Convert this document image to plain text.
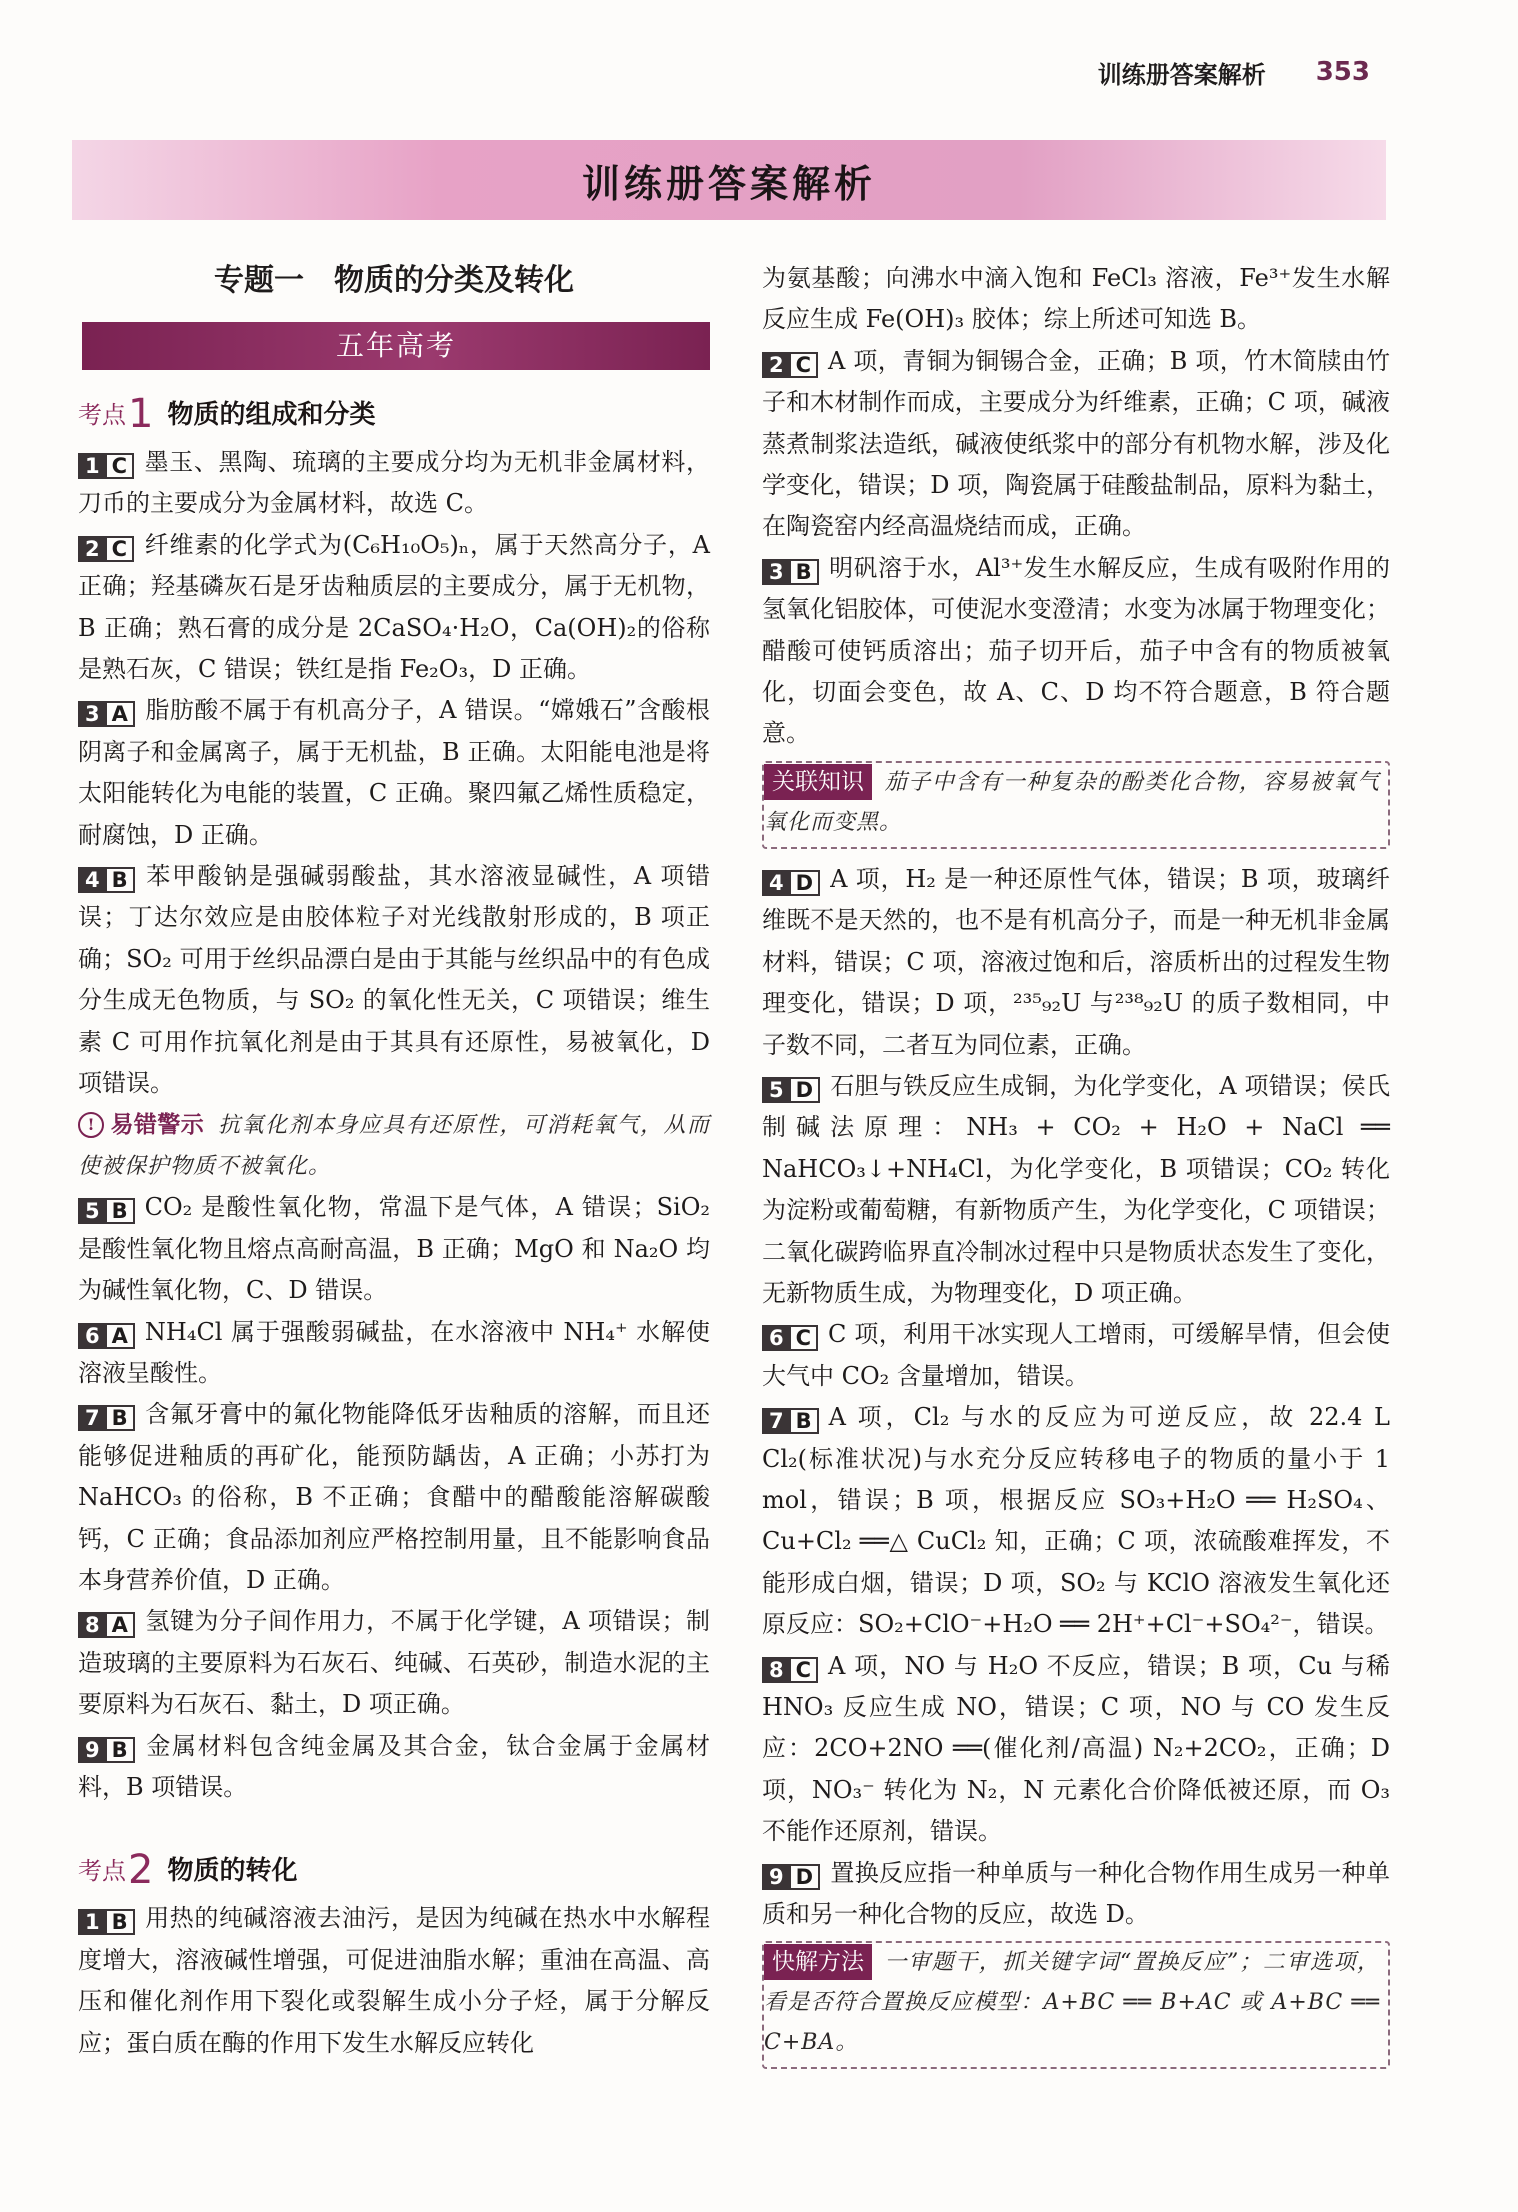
训练册答案解析 353
训练册答案解析
专题一　物质的分类及转化
五年高考
考点 1 物质的组成和分类

1 C 墨玉、黑陶、琉璃的主要成分均为无机非金属材料，刀币的主要成分为金属材料，故选 C。

2 C 纤维素的化学式为(C₆H₁₀O₅)ₙ，属于天然高分子，A 正确；羟基磷灰石是牙齿釉质层的主要成分，属于无机物，B 正确；熟石膏的成分是 2CaSO₄·H₂O，Ca(OH)₂的俗称是熟石灰，C 错误；铁红是指 Fe₂O₃，D 正确。

3 A 脂肪酸不属于有机高分子，A 错误。“嫦娥石”含酸根阴离子和金属离子，属于无机盐，B 正确。太阳能电池是将太阳能转化为电能的装置，C 正确。聚四氟乙烯性质稳定，耐腐蚀，D 正确。

4 B 苯甲酸钠是强碱弱酸盐，其水溶液显碱性，A 项错误；丁达尔效应是由胶体粒子对光线散射形成的，B 项正确；SO₂ 可用于丝织品漂白是由于其能与丝织品中的有色成分生成无色物质，与 SO₂ 的氧化性无关，C 项错误；维生素 C 可用作抗氧化剂是由于其具有还原性，易被氧化，D 项错误。

! 易错警示 抗氧化剂本身应具有还原性，可消耗氧气，从而使被保护物质不被氧化。

5 B CO₂ 是酸性氧化物，常温下是气体，A 错误；SiO₂ 是酸性氧化物且熔点高耐高温，B 正确；MgO 和 Na₂O 均为碱性氧化物，C、D 错误。

6 A NH₄Cl 属于强酸弱碱盐，在水溶液中 NH₄⁺ 水解使溶液呈酸性。

7 B 含氟牙膏中的氟化物能降低牙齿釉质的溶解，而且还能够促进釉质的再矿化，能预防龋齿，A 正确；小苏打为 NaHCO₃ 的俗称，B 不正确；食醋中的醋酸能溶解碳酸钙，C 正确；食品添加剂应严格控制用量，且不能影响食品本身营养价值，D 正确。

8 A 氢键为分子间作用力，不属于化学键，A 项错误；制造玻璃的主要原料为石灰石、纯碱、石英砂，制造水泥的主要原料为石灰石、黏土，D 项正确。

9 B 金属材料包含纯金属及其合金，钛合金属于金属材料，B 项错误。

考点 2 物质的转化

1 B 用热的纯碱溶液去油污，是因为纯碱在热水中水解程度增大，溶液碱性增强，可促进油脂水解；重油在高温、高压和催化剂作用下裂化或裂解生成小分子烃，属于分解反应；蛋白质在酶的作用下发生水解反应转化

为氨基酸；向沸水中滴入饱和 FeCl₃ 溶液，Fe³⁺发生水解反应生成 Fe(OH)₃ 胶体；综上所述可知选 B。

2 C A 项，青铜为铜锡合金，正确；B 项，竹木简牍由竹子和木材制作而成，主要成分为纤维素，正确；C 项，碱液蒸煮制浆法造纸，碱液使纸浆中的部分有机物水解，涉及化学变化，错误；D 项，陶瓷属于硅酸盐制品，原料为黏土，在陶瓷窑内经高温烧结而成，正确。

3 B 明矾溶于水，Al³⁺发生水解反应，生成有吸附作用的氢氧化铝胶体，可使泥水变澄清；水变为冰属于物理变化；醋酸可使钙质溶出；茄子切开后，茄子中含有的物质被氧化，切面会变色，故 A、C、D 均不符合题意，B 符合题意。

关联知识 茄子中含有一种复杂的酚类化合物，容易被氧气氧化而变黑。

4 D A 项，H₂ 是一种还原性气体，错误；B 项，玻璃纤维既不是天然的，也不是有机高分子，而是一种无机非金属材料，错误；C 项，溶液过饱和后，溶质析出的过程发生物理变化，错误；D 项，²³⁵₉₂U 与²³⁸₉₂U 的质子数相同，中子数不同，二者互为同位素，正确。

5 D 石胆与铁反应生成铜，为化学变化，A 项错误；侯氏制碱法原理：NH₃ + CO₂ + H₂O + NaCl ══ NaHCO₃↓+NH₄Cl，为化学变化，B 项错误；CO₂ 转化为淀粉或葡萄糖，有新物质产生，为化学变化，C 项错误；二氧化碳跨临界直冷制冰过程中只是物质状态发生了变化，无新物质生成，为物理变化，D 项正确。

6 C C 项，利用干冰实现人工增雨，可缓解旱情，但会使大气中 CO₂ 含量增加，错误。

7 B A 项，Cl₂ 与水的反应为可逆反应，故 22.4 L Cl₂(标准状况)与水充分反应转移电子的物质的量小于 1 mol，错误；B 项，根据反应 SO₃+H₂O ══ H₂SO₄、Cu+Cl₂ ══△ CuCl₂ 知，正确；C 项，浓硫酸难挥发，不能形成白烟，错误；D 项，SO₂ 与 KClO 溶液发生氧化还原反应：SO₂+ClO⁻+H₂O ══ 2H⁺+Cl⁻+SO₄²⁻，错误。

8 C A 项，NO 与 H₂O 不反应，错误；B 项，Cu 与稀 HNO₃ 反应生成 NO，错误；C 项，NO 与 CO 发生反应：2CO+2NO ══(催化剂/高温) N₂+2CO₂，正确；D 项，NO₃⁻ 转化为 N₂，N 元素化合价降低被还原，而 O₃ 不能作还原剂，错误。

9 D 置换反应指一种单质与一种化合物作用生成另一种单质和另一种化合物的反应，故选 D。

快解方法 一审题干，抓关键字词“置换反应”；二审选项，看是否符合置换反应模型：A+BC ══ B+AC 或 A+BC ══ C+BA。
